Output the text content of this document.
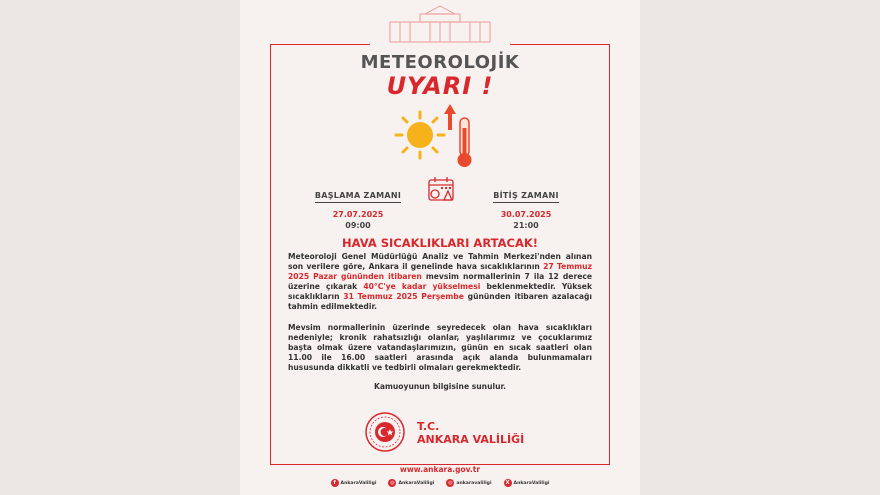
METEOROLOJİK
UYARI !
BAŞLAMA ZAMANI
27.07.2025
09:00
BİTİŞ ZAMANI
30.07.2025
21:00
HAVA SICAKLIKLARI ARTACAK!
Meteoroloji Genel Müdürlüğü Analiz ve Tahmin Merkezi'nden alınan son verilere göre, Ankara il genelinde hava sıcaklıklarının 27 Temmuz 2025 Pazar gününden itibaren mevsim normallerinin 7 ila 12 derece üzerine çıkarak 40°C'ye kadar yükselmesi beklenmektedir. Yüksek sıcaklıkların 31 Temmuz 2025 Perşembe gününden itibaren azalacağı tahmin edilmektedir.
Mevsim normallerinin üzerinde seyredecek olan hava sıcaklıkları nedeniyle; kronik rahatsızlığı olanlar, yaşlılarımız ve çocuklarımız başta olmak üzere vatandaşlarımızın, günün en sıcak saatleri olan 11.00 ile 16.00 saatleri arasında açık alanda bulunmamaları hususunda dikkatli ve tedbirli olmaları gerekmektedir.
Kamuoyunun bilgisine sunulur.
T.C.
ANKARA VALİLİĞİ
www.ankara.gov.tr
f	AnkaraValiligi	◎ AnkaraValiligi	◎ ankaravaliligi	X AnkaraValiligi
